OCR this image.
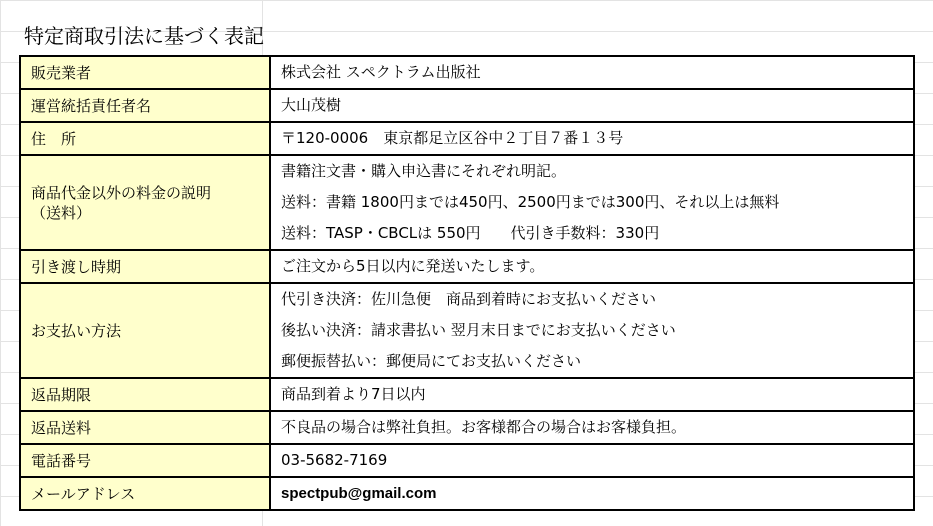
特定商取引法に基づく表記
販売業者	株式会社 スペクトラム出版社

運営統括責任者名	大山茂樹

住　所	〒120-0006　東京都足立区谷中２丁目７番１３号

商品代金以外の料金の説明
（送料）	書籍注文書・購入申込書にそれぞれ明記。
送料：書籍 1800円までは450円、2500円までは300円、それ以上は無料
送料：TASP・CBCLは 550円　　代引き手数料：330円

引き渡し時期	ご注文から5日以内に発送いたします。

お支払い方法	代引き決済：佐川急便　商品到着時にお支払いください
後払い決済：請求書払い 翌月末日までにお支払いください
郵便振替払い：郵便局にてお支払いください

返品期限	商品到着より7日以内

返品送料	不良品の場合は弊社負担。お客様都合の場合はお客様負担。

電話番号	03-5682-7169

メールアドレス	spectpub@gmail.com
